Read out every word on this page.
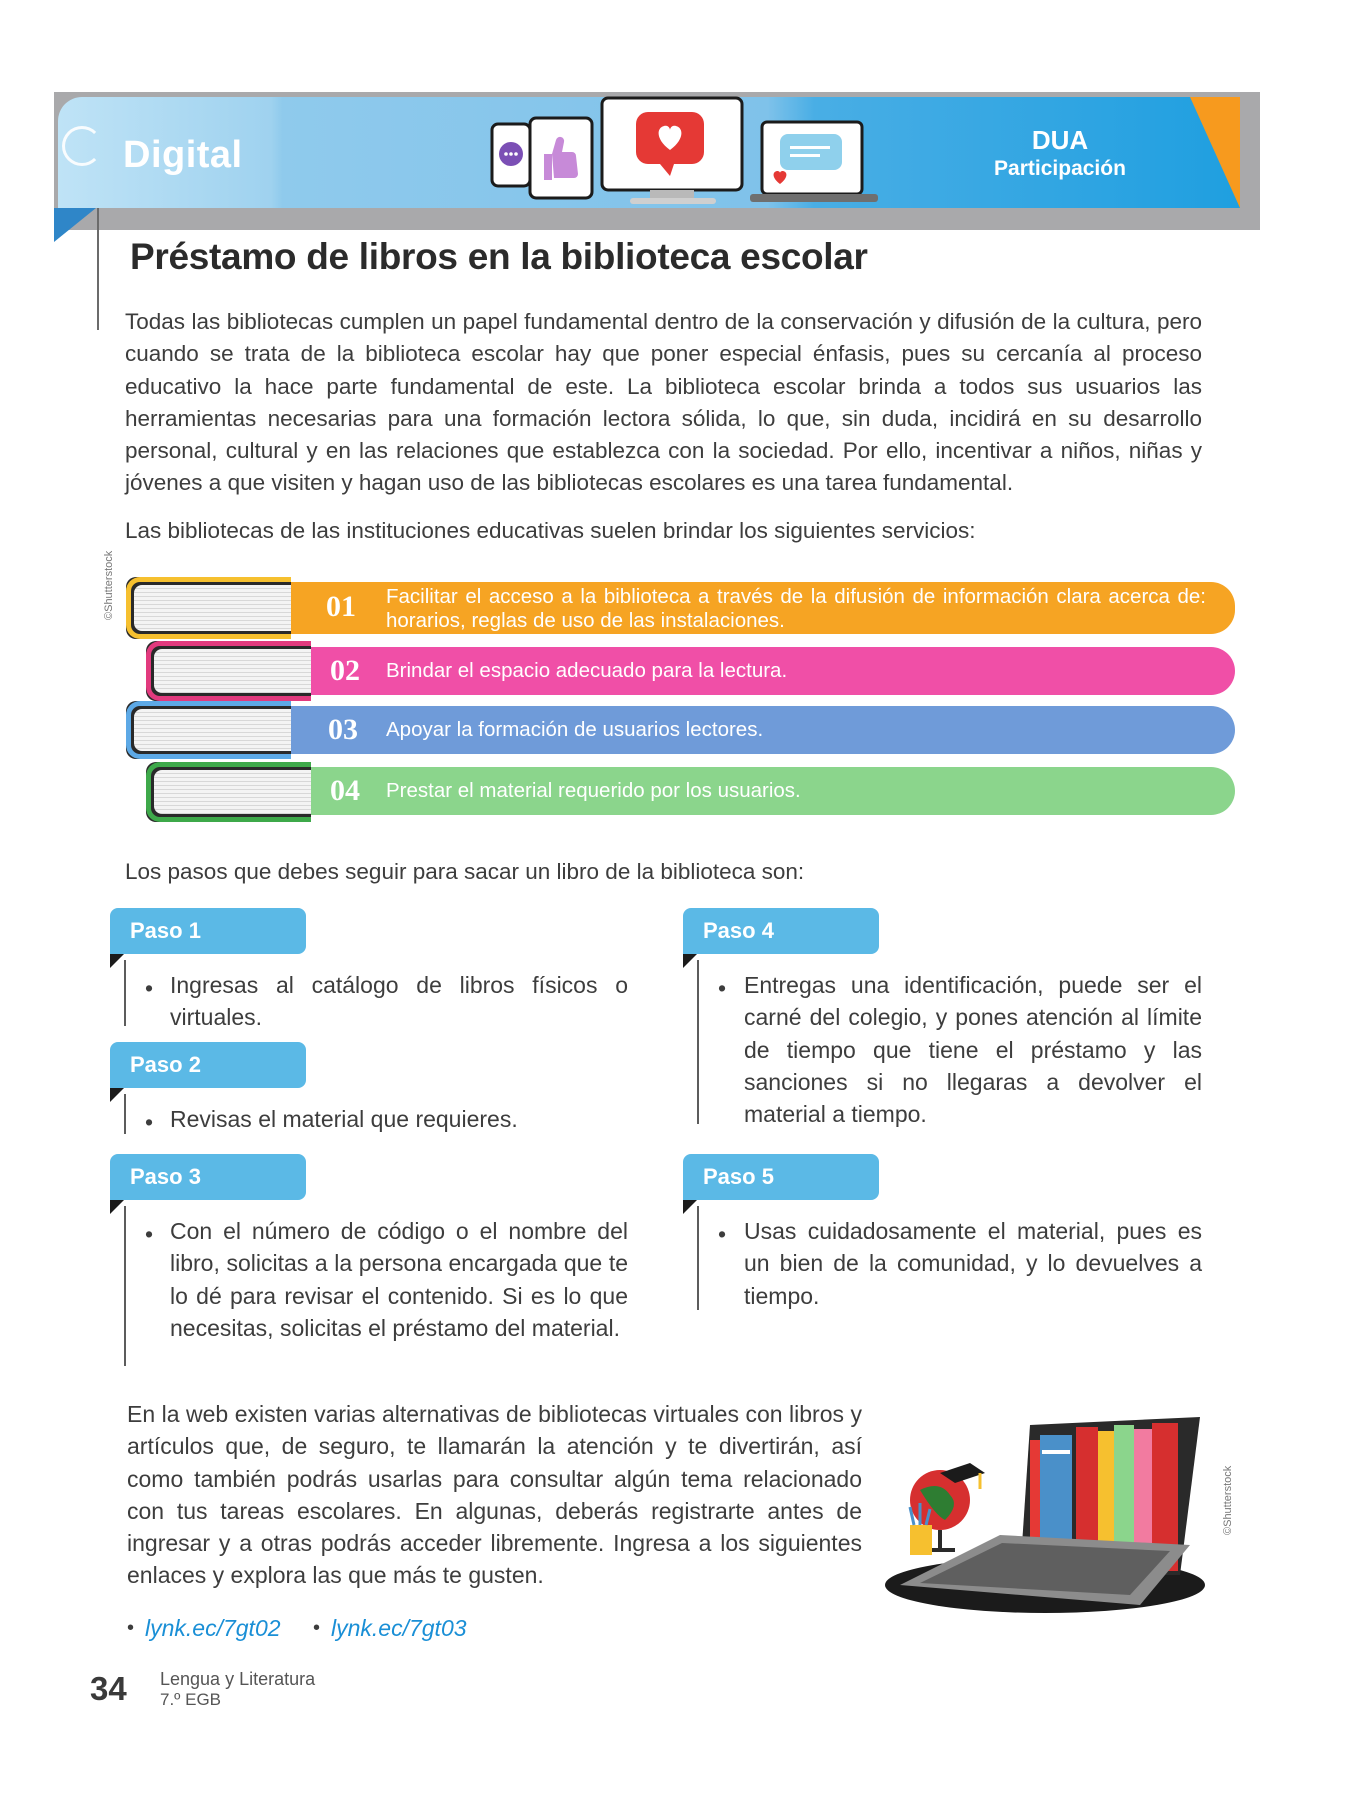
Digital	DUA
Participación
Préstamo de libros en la biblioteca escolar
Todas las bibliotecas cumplen un papel fundamental dentro de la conservación y difusión de la cultura, pero cuando se trata de la biblioteca escolar hay que poner especial énfasis, pues su cercanía al proceso educativo la hace parte fundamental de este. La biblioteca escolar brinda a todos sus usuarios las herramientas necesarias para una formación lectora sólida, lo que, sin duda, incidirá en su desarrollo personal, cultural y en las relaciones que establezca con la sociedad. Por ello, incentivar a niños, niñas y jóvenes a que visiten y hagan uso de las bibliotecas escolares es una tarea fundamental.
Las bibliotecas de las instituciones educativas suelen brindar los siguientes servicios:
©Shutterstock	01 Facilitar el acceso a la biblioteca a través de la difusión de información clara acerca de: horarios, reglas de uso de las instalaciones.
02 Brindar el espacio adecuado para la lectura.
03 Apoyar la formación de usuarios lectores.
04 Prestar el material requerido por los usuarios.
Los pasos que debes seguir para sacar un libro de la biblioteca son:
Paso 1
• Ingresas al catálogo de libros físicos o virtuales.
Paso 2
• Revisas el material que requieres.
Paso 3
• Con el número de código o el nombre del libro, solicitas a la persona encargada que te lo dé para revisar el contenido. Si es lo que necesitas, solicitas el préstamo del material.
Paso 4
• Entregas una identificación, puede ser el carné del colegio, y pones atención al límite de tiempo que tiene el préstamo y las sanciones si no llegaras a devolver el material a tiempo.
Paso 5
• Usas cuidadosamente el material, pues es un bien de la comunidad, y lo devuelves a tiempo.
En la web existen varias alternativas de bibliotecas virtuales con libros y artículos que, de seguro, te llamarán la atención y te divertirán, así como también podrás usarlas para consultar algún tema relacionado con tus tareas escolares. En algunas, deberás registrarte antes de ingresar y a otras podrás acceder libremente. Ingresa a los siguientes enlaces y explora las que más te gusten.
• lynk.ec/7gt02 • lynk.ec/7gt03
©Shutterstock
34 Lengua y Literatura
7.º EGB
